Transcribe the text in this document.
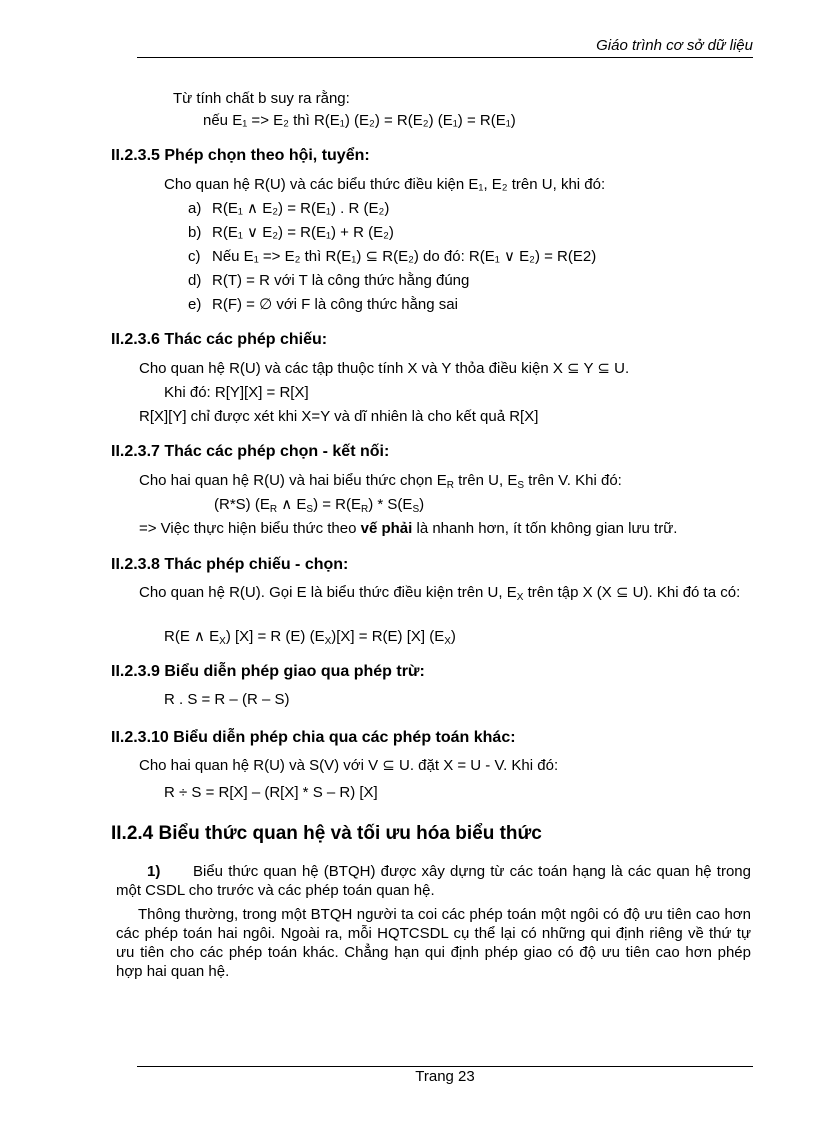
Giáo trình cơ sở dữ liệu
Từ tính chất b suy ra rằng:
nếu E₁ => E₂ thì R(E₁) (E₂) = R(E₂) (E₁) = R(E₁)
II.2.3.5 Phép chọn theo hội, tuyển:
Cho quan hệ R(U) và các biểu thức điều kiện E₁, E₂ trên U, khi đó:
a) R(E₁ ∧ E₂) = R(E₁) . R (E₂)
b) R(E₁ ∨ E₂) = R(E₁) + R (E₂)
c) Nếu E₁ => E₂ thì R(E₁) ⊆ R(E₂) do đó: R(E₁ ∨ E₂) = R(E2)
d) R(T) = R với T là công thức hằng đúng
e) R(F) = ∅ với F là công thức hằng sai
II.2.3.6 Thác các phép chiếu:
Cho quan hệ R(U) và các tập thuộc tính X và Y thỏa điều kiện X ⊆ Y ⊆ U.
Khi đó: R[Y][X] = R[X]
R[X][Y] chỉ được xét khi X=Y và dĩ nhiên là cho kết quả R[X]
II.2.3.7 Thác các phép chọn - kết nối:
Cho hai quan hệ R(U) và hai biểu thức chọn $E_R$ trên U, $E_S$ trên V. Khi đó:
(R*S) ($E_R$ ∧ $E_S) = R(E_R) * S(E_S)$
=> Việc thực hiện biểu thức theo vế phải là nhanh hơn, ít tốn không gian lưu trữ.
II.2.3.8 Thác phép chiếu - chọn:
Cho quan hệ R(U). Gọi E là biểu thức điều kiện trên U, $E_X$ trên tập X (X ⊆ U). Khi đó ta có:
R(E ∧ $E_X$) [X] = R (E) $(E_X)[X] = R(E)$ [X] $(E_X)$
II.2.3.9 Biểu diễn phép giao qua phép trừ:
R . S = R – (R – S)
II.2.3.10 Biểu diễn phép chia qua các phép toán khác:
Cho hai quan hệ R(U) và S(V) với V ⊆ U. đặt X = U - V. Khi đó:
R ÷ S = R[X] – (R[X] * S – R) [X]
II.2.4 Biểu thức quan hệ và tối ưu hóa biểu thức
1) Biểu thức quan hệ (BTQH) được xây dựng từ các toán hạng là các quan hệ trong một CSDL cho trước và các phép toán quan hệ.
Thông thường, trong một BTQH người ta coi các phép toán một ngôi có độ ưu tiên cao hơn các phép toán hai ngôi. Ngoài ra, mỗi HQTCSDL cụ thể lại có những qui định riêng về thứ tự ưu tiên cho các phép toán khác. Chẳng hạn qui định phép giao có độ ưu tiên cao hơn phép hợp hai quan hệ.
Trang 23
